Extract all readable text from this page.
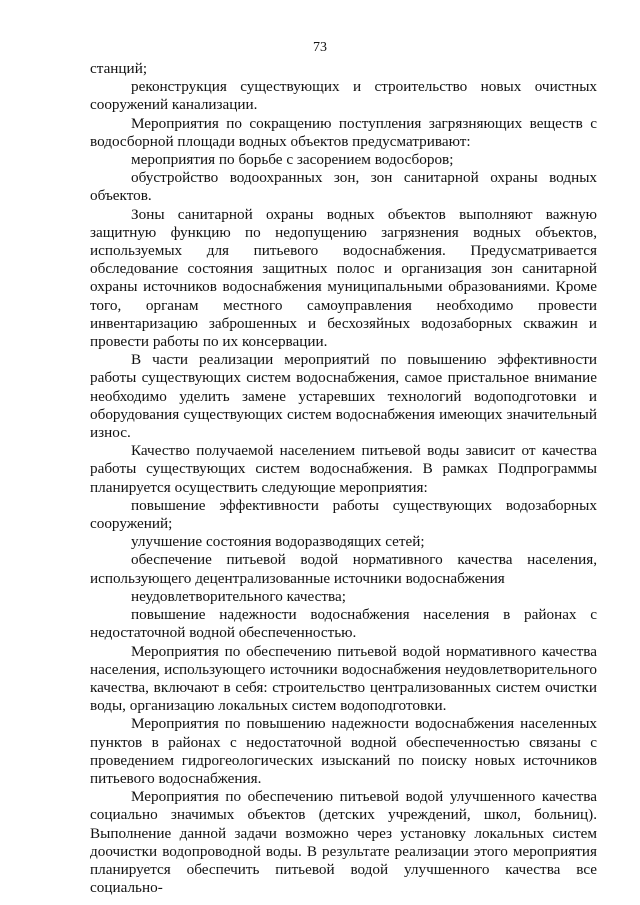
73

станций;

реконструкция существующих и строительство новых очистных сооружений канализации.

Мероприятия по сокращению поступления загрязняющих веществ с водосборной площади водных объектов предусматривают:

мероприятия по борьбе с засорением водосборов;

обустройство водоохранных зон, зон санитарной охраны водных объектов.

Зоны санитарной охраны водных объектов выполняют важную защитную функцию по недопущению загрязнения водных объектов, используемых для питьевого водоснабжения. Предусматривается обследование состояния защитных полос и организация зон санитарной охраны источников водоснабжения муниципальными образованиями. Кроме того, органам местного самоуправления необходимо провести инвентаризацию заброшенных и бесхозяйных водозаборных скважин и провести работы по их консервации.

В части реализации мероприятий по повышению эффективности работы существующих систем водоснабжения, самое пристальное внимание необходимо уделить замене устаревших технологий водоподготовки и оборудования существующих систем водоснабжения имеющих значительный износ.

Качество получаемой населением питьевой воды зависит от качества работы существующих систем водоснабжения. В рамках Подпрограммы планируется осуществить следующие мероприятия:

повышение эффективности работы существующих водозаборных сооружений;

улучшение состояния водоразводящих сетей;

обеспечение питьевой водой нормативного качества населения, использующего децентрализованные источники водоснабжения

неудовлетворительного качества;

повышение надежности водоснабжения населения в районах с недостаточной водной обеспеченностью.

Мероприятия по обеспечению питьевой водой нормативного качества населения, использующего источники водоснабжения неудовлетворительного качества, включают в себя: строительство централизованных систем очистки воды, организацию локальных систем водоподготовки.

Мероприятия по повышению надежности водоснабжения населенных пунктов в районах с недостаточной водной обеспеченностью связаны с проведением гидрогеологических изысканий по поиску новых источников питьевого водоснабжения.

Мероприятия по обеспечению питьевой водой улучшенного качества социально значимых объектов (детских учреждений, школ, больниц). Выполнение данной задачи возможно через установку локальных систем доочистки водопроводной воды. В результате реализации этого мероприятия планируется обеспечить питьевой водой улучшенного качества все социально-
